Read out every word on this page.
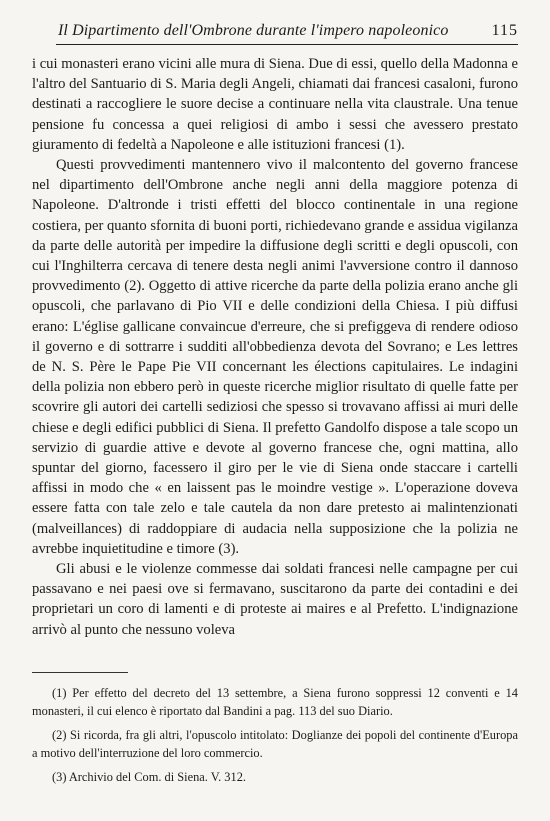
Il Dipartimento dell'Ombrone durante l'impero napoleonico	115

i cui monasteri erano vicini alle mura di Siena. Due di essi, quello della Madonna e l'altro del Santuario di S. Maria degli Angeli, chiamati dai francesi casaloni, furono destinati a raccogliere le suore decise a continuare nella vita claustrale. Una tenue pensione fu concessa a quei religiosi di ambo i sessi che avessero prestato giuramento di fedeltà a Napoleone e alle istituzioni francesi (1).

Questi provvedimenti mantennero vivo il malcontento del governo francese nel dipartimento dell'Ombrone anche negli anni della maggiore potenza di Napoleone. D'altronde i tristi effetti del blocco continentale in una regione costiera, per quanto sfornita di buoni porti, richiedevano grande e assidua vigilanza da parte delle autorità per impedire la diffusione degli scritti e degli opuscoli, con cui l'Inghilterra cercava di tenere desta negli animi l'avversione contro il dannoso provvedimento (2). Oggetto di attive ricerche da parte della polizia erano anche gli opuscoli, che parlavano di Pio VII e delle condizioni della Chiesa. I più diffusi erano: L'église gallicane convaincue d'erreure, che si prefiggeva di rendere odioso il governo e di sottrarre i sudditi all'obbedienza devota del Sovrano; e Les lettres de N. S. Père le Pape Pie VII concernant les élections capitulaires. Le indagini della polizia non ebbero però in queste ricerche miglior risultato di quelle fatte per scovrire gli autori dei cartelli sediziosi che spesso si trovavano affissi ai muri delle chiese e degli edifici pubblici di Siena. Il prefetto Gandolfo dispose a tale scopo un servizio di guardie attive e devote al governo francese che, ogni mattina, allo spuntar del giorno, facessero il giro per le vie di Siena onde staccare i cartelli affissi in modo che « en laissent pas le moindre vestige ». L'operazione doveva essere fatta con tale zelo e tale cautela da non dare pretesto ai malintenzionati (malveillances) di raddoppiare di audacia nella supposizione che la polizia ne avrebbe inquietitudine e timore (3).

Gli abusi e le violenze commesse dai soldati francesi nelle campagne per cui passavano e nei paesi ove si fermavano, suscitarono da parte dei contadini e dei proprietari un coro di lamenti e di proteste ai maires e al Prefetto. L'indignazione arrivò al punto che nessuno voleva

(1) Per effetto del decreto del 13 settembre, a Siena furono soppressi 12 conventi e 14 monasteri, il cui elenco è riportato dal Bandini a pag. 113 del suo Diario.

(2) Si ricorda, fra gli altri, l'opuscolo intitolato: Doglianze dei popoli del continente d'Europa a motivo dell'interruzione del loro commercio.

(3) Archivio del Com. di Siena. V. 312.
